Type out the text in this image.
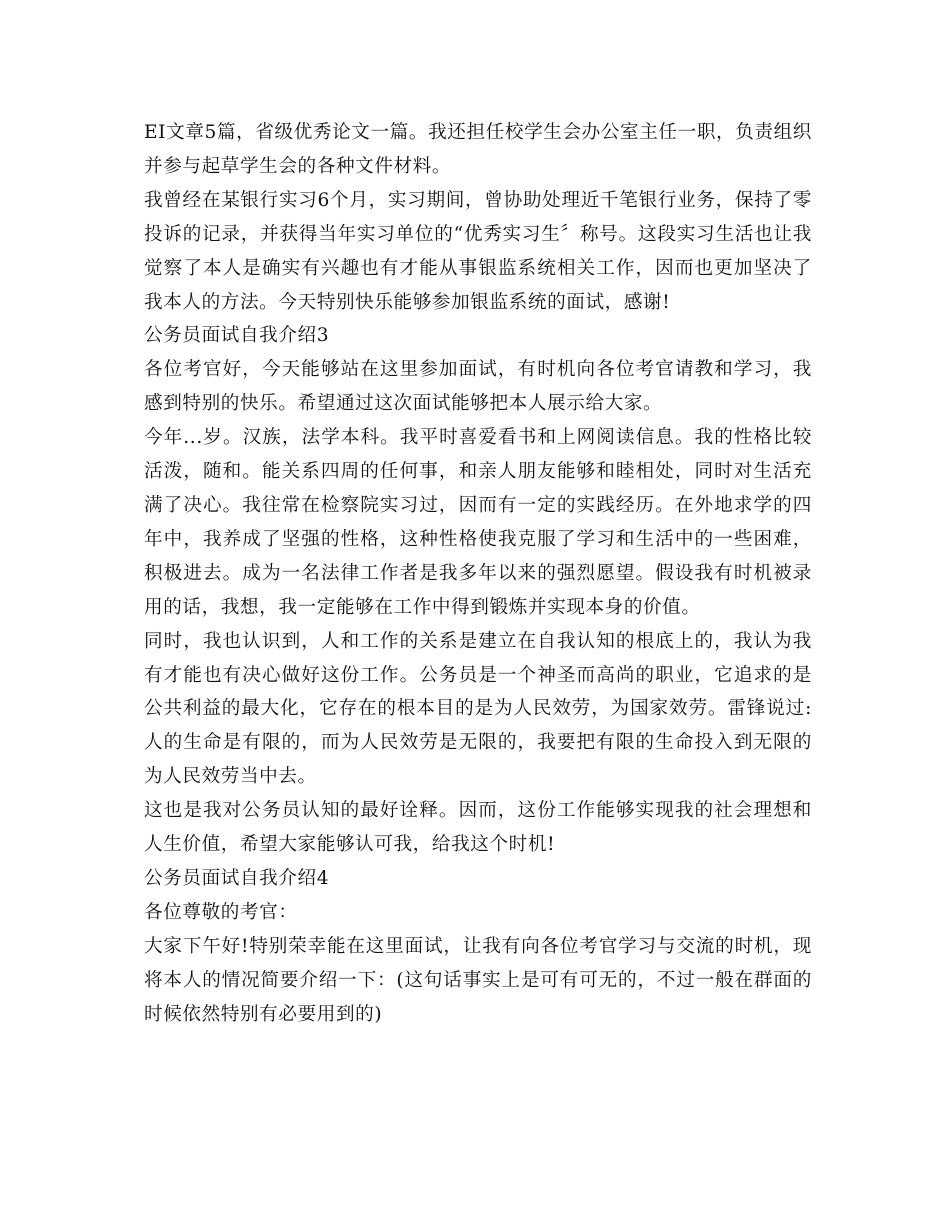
EI文章5篇，省级优秀论文一篇。我还担任校学生会办公室主任一职，负责组织并参与起草学生会的各种文件材料。

我曾经在某银行实习6个月，实习期间，曾协助处理近千笔银行业务，保持了零投诉的记录，并获得当年实习单位的“优秀实习生〞称号。这段实习生活也让我觉察了本人是确实有兴趣也有才能从事银监系统相关工作，因而也更加坚决了我本人的方法。今天特别快乐能够参加银监系统的面试，感谢!

公务员面试自我介绍3

各位考官好，今天能够站在这里参加面试，有时机向各位考官请教和学习，我感到特别的快乐。希望通过这次面试能够把本人展示给大家。

今年...岁。汉族，法学本科。我平时喜爱看书和上网阅读信息。我的性格比较活泼，随和。能关系四周的任何事，和亲人朋友能够和睦相处，同时对生活充满了决心。我往常在检察院实习过，因而有一定的实践经历。在外地求学的四年中，我养成了坚强的性格，这种性格使我克服了学习和生活中的一些困难，积极进去。成为一名法律工作者是我多年以来的强烈愿望。假设我有时机被录用的话，我想，我一定能够在工作中得到锻炼并实现本身的价值。

同时，我也认识到，人和工作的关系是建立在自我认知的根底上的，我认为我有才能也有决心做好这份工作。公务员是一个神圣而高尚的职业，它追求的是公共利益的最大化，它存在的根本目的是为人民效劳，为国家效劳。雷锋说过:人的生命是有限的，而为人民效劳是无限的，我要把有限的生命投入到无限的为人民效劳当中去。

这也是我对公务员认知的最好诠释。因而，这份工作能够实现我的社会理想和人生价值，希望大家能够认可我，给我这个时机!

公务员面试自我介绍4

各位尊敬的考官：

大家下午好!特别荣幸能在这里面试，让我有向各位考官学习与交流的时机，现将本人的情况简要介绍一下：(这句话事实上是可有可无的，不过一般在群面的时候依然特别有必要用到的)
